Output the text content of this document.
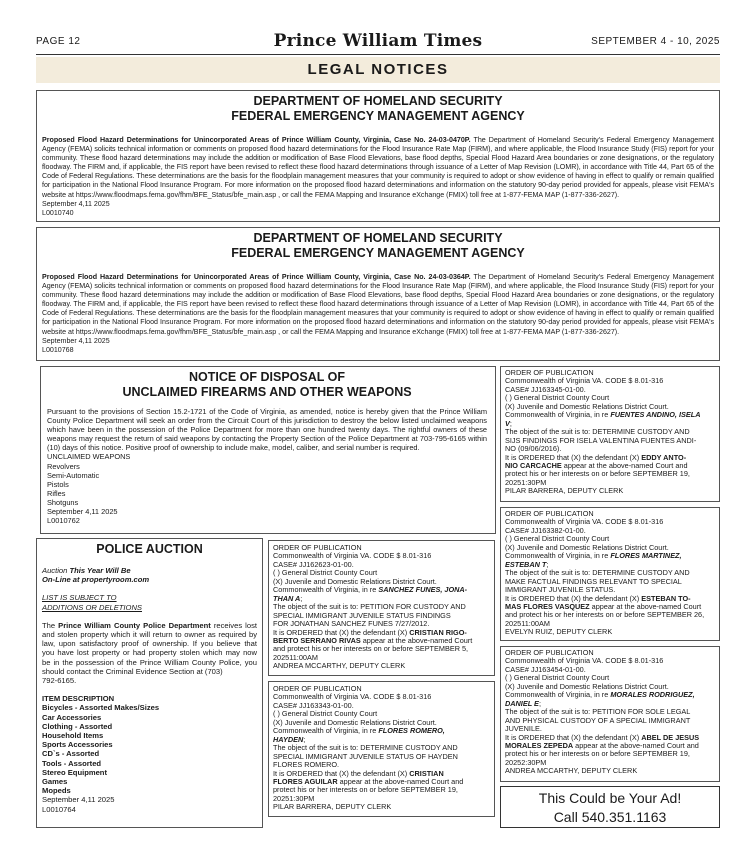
PAGE 12	Prince William Times	SEPTEMBER 4 - 10, 2025
LEGAL NOTICES
DEPARTMENT OF HOMELAND SECURITY
FEDERAL EMERGENCY MANAGEMENT AGENCY
Proposed Flood Hazard Determinations for Unincorporated Areas of Prince William County, Virginia, Case No. 24-03-0470P. The Department of Homeland Security's Federal Emergency Management Agency (FEMA) solicits technical information or comments on proposed flood hazard determinations for the Flood Insurance Rate Map (FIRM), and where applicable, the Flood Insurance Study (FIS) report for your community. These flood hazard determinations may include the addition or modification of Base Flood Elevations, base flood depths, Special Flood Hazard Area boundaries or zone designations, or the regulatory floodway. The FIRM and, if applicable, the FIS report have been revised to reflect these flood hazard determinations through issuance of a Letter of Map Revision (LOMR), in accordance with Title 44, Part 65 of the Code of Federal Regulations. These determinations are the basis for the floodplain management measures that your community is required to adopt or show evidence of having in effect to qualify or remain qualified for participation in the National Flood Insurance Program. For more information on the proposed flood hazard determinations and information on the statutory 90-day period provided for appeals, please visit FEMA's website at https://www.floodmaps.fema.gov/fhm/BFE_Status/bfe_main.asp , or call the FEMA Mapping and Insurance eXchange (FMIX) toll free at 1-877-FEMA MAP (1-877-336-2627).
September 4,11 2025
L0010740
DEPARTMENT OF HOMELAND SECURITY
FEDERAL EMERGENCY MANAGEMENT AGENCY
Proposed Flood Hazard Determinations for Unincorporated Areas of Prince William County, Virginia, Case No. 24-03-0364P. The Department of Homeland Security's Federal Emergency Management Agency (FEMA) solicits technical information or comments on proposed flood hazard determinations for the Flood Insurance Rate Map (FIRM), and where applicable, the Flood Insurance Study (FIS) report for your community. These flood hazard determinations may include the addition or modification of Base Flood Elevations, base flood depths, Special Flood Hazard Area boundaries or zone designations, or the regulatory floodway. The FIRM and, if applicable, the FIS report have been revised to reflect these flood hazard determinations through issuance of a Letter of Map Revision (LOMR), in accordance with Title 44, Part 65 of the Code of Federal Regulations. These determinations are the basis for the floodplain management measures that your community is required to adopt or show evidence of having in effect to qualify or remain qualified for participation in the National Flood Insurance Program. For more information on the proposed flood hazard determinations and information on the statutory 90-day period provided for appeals, please visit FEMA's website at https://www.floodmaps.fema.gov/fhm/BFE_Status/bfe_main.asp , or call the FEMA Mapping and Insurance eXchange (FMIX) toll free at 1-877-FEMA MAP (1-877-336-2627).
September 4,11 2025
L0010768
NOTICE OF DISPOSAL OF
UNCLAIMED FIREARMS AND OTHER WEAPONS
Pursuant to the provisions of Section 15.2-1721 of the Code of Virginia, as amended, notice is hereby given that the Prince William County Police Department will seek an order from the Circuit Court of this jurisdiction to destroy the below listed unclaimed weapons which have been in the possession of the Police Department for more than one hundred twenty days. The rightful owners of these weapons may request the return of said weapons by contacting the Property Section of the Police Department at 703-795-6165 within (10) days of this notice. Positive proof of ownership to include make, model, caliber, and serial number is required.
UNCLAIMED WEAPONS
Revolvers
Semi-Automatic
Pistols
Rifles
Shotguns
September 4,11 2025
L0010762
POLICE AUCTION
Auction This Year Will Be
On-Line at propertyroom.com
LIST IS SUBJECT TO
ADDITIONS OR DELETIONS
The Prince William County Police Department receives lost and stolen property which it will return to owner as required by law, upon satisfactory proof of ownership. If you believe that you have lost property or had property stolen which may now be in the possession of the Prince William County Police, you should contact the Criminal Evidence Section at (703)
792-6165.
ITEM DESCRIPTION
Bicycles - Assorted Makes/Sizes
Car Accessories
Clothing - Assorted
Household Items
Sports Accessories
CD`s - Assorted
Tools - Assorted
Stereo Equipment
Games
Mopeds
September 4,11 2025
L0010764
ORDER OF PUBLICATION
Commonwealth of Virginia VA. CODE $ 8.01-316
CASE# JJ162623-01-00.
( ) General District County Court
(X) Juvenile and Domestic Relations District Court.
Commonwealth of Virginia, in re SANCHEZ FUNES, JONA-
THAN A;
The object of the suit is to: PETITION FOR CUSTODY AND
SPECIAL IMMIGRANT JUVENILE STATUS FINDINGS
FOR JONATHAN SANCHEZ FUNES 7/27/2012.
It is ORDERED that (X) the defendant (X) CRISTIAN RIGO-
BERTO SERRANO RIVAS appear at the above-named Court
and protect his or her interests on or before SEPTEMBER 5,
202511:00AM
ANDREA MCCARTHY, DEPUTY CLERK
ORDER OF PUBLICATION
Commonwealth of Virginia VA. CODE $ 8.01-316
CASE# JJ163343-01-00.
( ) General District County Court
(X) Juvenile and Domestic Relations District Court.
Commonwealth of Virginia, in re FLORES ROMERO,
HAYDEN;
The object of the suit is to: DETERMINE CUSTODY AND
SPECIAL IMMIGRANT JUVENILE STATUS OF HAYDEN
FLORES ROMERO.
It is ORDERED that (X) the defendant (X) CRISTIAN
FLORES AGUILAR appear at the above-named Court and
protect his or her interests on or before SEPTEMBER 19,
20251:30PM
PILAR BARRERA, DEPUTY CLERK
ORDER OF PUBLICATION
Commonwealth of Virginia VA. CODE $ 8.01-316
CASE# JJ163345-01-00.
( ) General District County Court
(X) Juvenile and Domestic Relations District Court.
Commonwealth of Virginia, in re FUENTES ANDINO, ISELA
V;
The object of the suit is to: DETERMINE CUSTODY AND
SIJS FINDINGS FOR ISELA VALENTINA FUENTES ANDI-
NO (09/06/2016).
It is ORDERED that (X) the defendant (X) EDDY ANTO-
NIO CARCACHE appear at the above-named Court and
protect his or her interests on or before SEPTEMBER 19,
20251:30PM
PILAR BARRERA, DEPUTY CLERK
ORDER OF PUBLICATION
Commonwealth of Virginia VA. CODE $ 8.01-316
CASE# JJ163382-01-00.
( ) General District County Court
(X) Juvenile and Domestic Relations District Court.
Commonwealth of Virginia, in re FLORES MARTINEZ,
ESTEBAN T;
The object of the suit is to: DETERMINE CUSTODY AND
MAKE FACTUAL FINDINGS RELEVANT TO SPECIAL
IMMIGRANT JUVENILE STATUS.
It is ORDERED that (X) the defendant (X) ESTEBAN TO-
MAS FLORES VASQUEZ appear at the above-named Court
and protect his or her interests on or before SEPTEMBER 26,
202511:00AM
EVELYN RUIZ, DEPUTY CLERK
ORDER OF PUBLICATION
Commonwealth of Virginia VA. CODE $ 8.01-316
CASE# JJ163454-01-00.
( ) General District County Court
(X) Juvenile and Domestic Relations District Court.
Commonwealth of Virginia, in re MORALES RODRIGUEZ,
DANIEL E;
The object of the suit is to: PETITION FOR SOLE LEGAL
AND PHYSICAL CUSTODY OF A SPECIAL IMMIGRANT
JUVENILE.
It is ORDERED that (X) the defendant (X) ABEL DE JESUS
MORALES ZEPEDA appear at the above-named Court and
protect his or her interests on or before SEPTEMBER 19,
20252:30PM
ANDREA MCCARTHY, DEPUTY CLERK
This Could be Your Ad!
Call 540.351.1163
